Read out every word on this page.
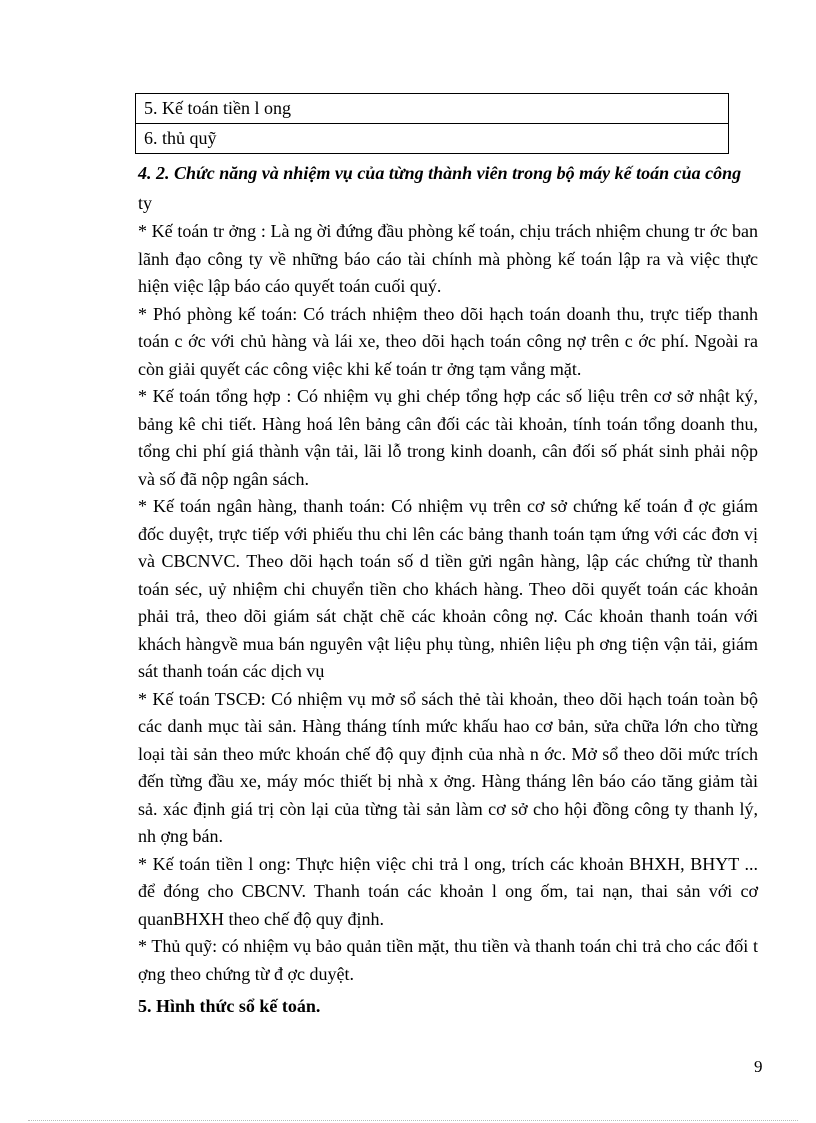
5. Kế toán tiền l ong
6. thủ quỹ
4. 2. Chức năng và nhiệm vụ của từng thành viên trong bộ máy kế toán của công ty

* Kế toán tr ởng : Là ng ời đứng đầu phòng kế toán, chịu trách nhiệm chung tr ớc ban lãnh đạo công ty về những báo cáo tài chính mà phòng kế toán lập ra và việc thực hiện việc lập báo cáo quyết toán cuối quý.

* Phó phòng kế toán: Có trách nhiệm theo dõi hạch toán doanh thu, trực tiếp thanh toán c ớc với chủ hàng và lái xe, theo dõi hạch toán công nợ trên c ớc phí. Ngoài ra còn giải quyết các công việc khi kế toán tr ởng tạm vắng mặt.

* Kế toán tổng hợp : Có nhiệm vụ ghi chép tổng hợp các số liệu trên cơ sở nhật ký, bảng kê chi tiết. Hàng hoá lên bảng cân đối các tài khoản, tính toán tổng doanh thu, tổng chi phí giá thành vận tải, lãi lỗ trong kinh doanh, cân đối số phát sinh phải nộp và số đã nộp ngân sách.

* Kế toán ngân hàng, thanh toán: Có nhiệm vụ trên cơ sở chứng kế toán đ ợc giám đốc duyệt, trực tiếp với phiếu thu chi lên các bảng thanh toán tạm ứng với các đơn vị và CBCNVC. Theo dõi hạch toán số d tiền gửi ngân hàng, lập các chứng từ thanh toán séc, uỷ nhiệm chi chuyển tiền cho khách hàng. Theo dõi quyết toán các khoản phải trả, theo dõi giám sát chặt chẽ các khoản công nợ. Các khoản thanh toán với khách hàngvề mua bán nguyên vật liệu phụ tùng, nhiên liệu ph ơng tiện vận tải, giám sát thanh toán các dịch vụ

* Kế toán TSCĐ: Có nhiệm vụ mở sổ sách thẻ tài khoản, theo dõi hạch toán toàn bộ các danh mục tài sản. Hàng tháng tính mức khấu hao cơ bản, sửa chữa lớn cho từng loại tài sản theo mức khoán chế độ quy định của nhà n ớc. Mở sổ theo dõi mức trích đến từng đầu xe, máy móc thiết bị nhà x ởng. Hàng tháng lên báo cáo tăng giảm tài sả. xác định giá trị còn lại của từng tài sản làm cơ sở cho hội đồng công ty thanh lý, nh ợng bán.

* Kế toán tiền l ong: Thực hiện việc chi trả l ong, trích các khoản BHXH, BHYT ... để đóng cho CBCNV. Thanh toán các khoản l ong ốm, tai nạn, thai sản với cơ quanBHXH theo chế độ quy định.

* Thủ quỹ: có nhiệm vụ bảo quản tiền mặt, thu tiền và thanh toán chi trả cho các đối t ợng theo chứng từ đ ợc duyệt.

5. Hình thức sổ kế toán.
9
